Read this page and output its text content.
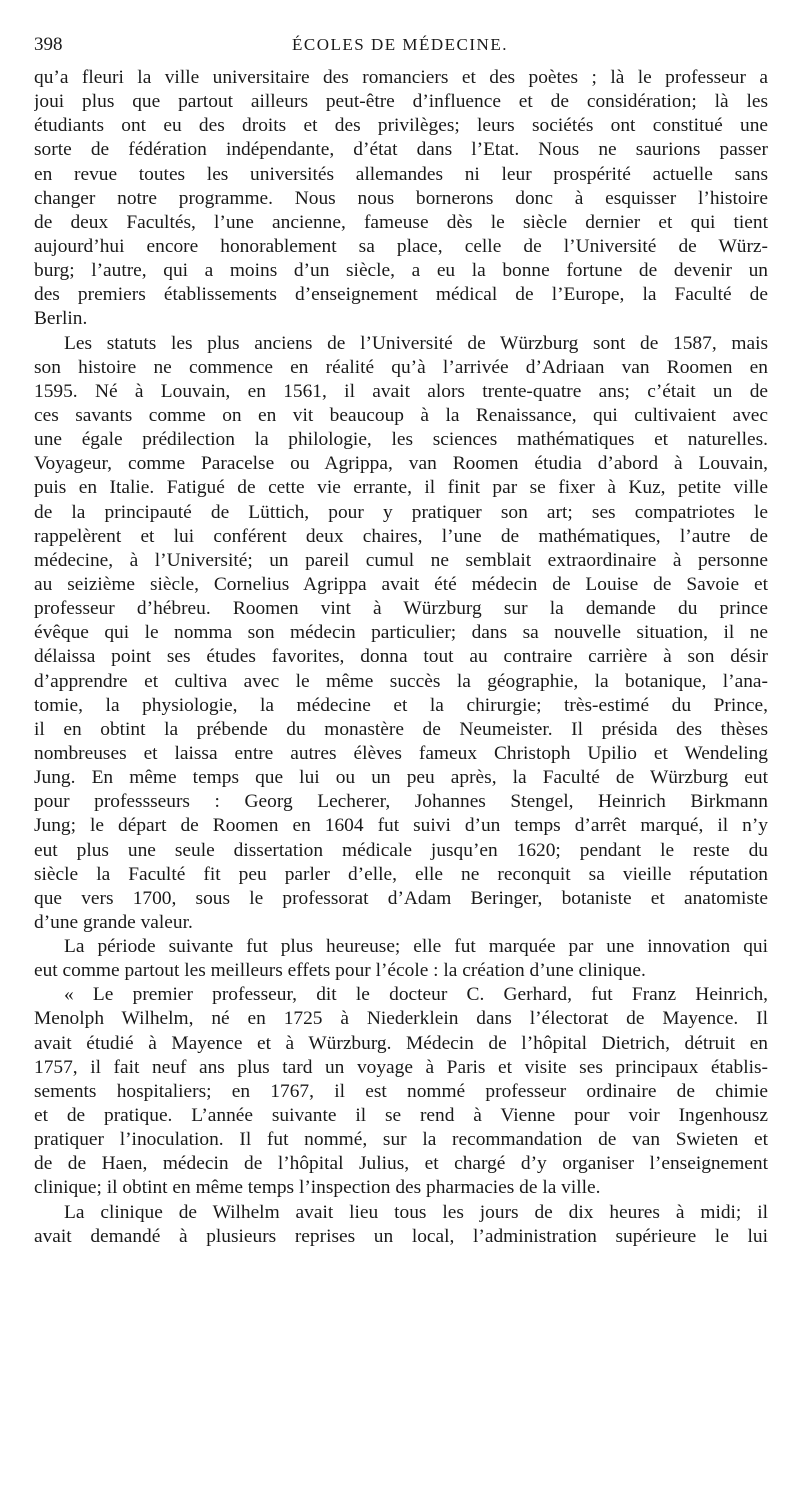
398	ÉCOLES DE MÉDECINE.
qu’a fleuri la ville universitaire des romanciers et des poètes ; là le professeur a
joui plus que partout ailleurs peut-être d’influence et de considération; là les
étudiants ont eu des droits et des privilèges; leurs sociétés ont constitué une
sorte de fédération indépendante, d’état dans l’Etat. Nous ne saurions passer
en revue toutes les universités allemandes ni leur prospérité actuelle sans
changer notre programme. Nous nous bornerons donc à esquisser l’histoire
de deux Facultés, l’une ancienne, fameuse dès le siècle dernier et qui tient
aujourd’hui encore honorablement sa place, celle de l’Université de Würz-
burg; l’autre, qui a moins d’un siècle, a eu la bonne fortune de devenir un
des premiers établissements d’enseignement médical de l’Europe, la Faculté de
Berlin.
Les statuts les plus anciens de l’Université de Würzburg sont de 1587, mais
son histoire ne commence en réalité qu’à l’arrivée d’Adriaan van Roomen en
1595. Né à Louvain, en 1561, il avait alors trente-quatre ans; c’était un de
ces savants comme on en vit beaucoup à la Renaissance, qui cultivaient avec
une égale prédilection la philologie, les sciences mathématiques et naturelles.
Voyageur, comme Paracelse ou Agrippa, van Roomen étudia d’abord à Louvain,
puis en Italie. Fatigué de cette vie errante, il finit par se fixer à Kuz, petite ville
de la principauté de Lüttich, pour y pratiquer son art; ses compatriotes le
rappelèrent et lui conférent deux chaires, l’une de mathématiques, l’autre de
médecine, à l’Université; un pareil cumul ne semblait extraordinaire à personne
au seizième siècle, Cornelius Agrippa avait été médecin de Louise de Savoie et
professeur d’hébreu. Roomen vint à Würzburg sur la demande du prince
évêque qui le nomma son médecin particulier; dans sa nouvelle situation, il ne
délaissa point ses études favorites, donna tout au contraire carrière à son désir
d’apprendre et cultiva avec le même succès la géographie, la botanique, l’ana-
tomie, la physiologie, la médecine et la chirurgie; très-estimé du Prince,
il en obtint la prébende du monastère de Neumeister. Il présida des thèses
nombreuses et laissa entre autres élèves fameux Christoph Upilio et Wendeling
Jung. En même temps que lui ou un peu après, la Faculté de Würzburg eut
pour professseurs : Georg Lecherer, Johannes Stengel, Heinrich Birkmann
Jung; le départ de Roomen en 1604 fut suivi d’un temps d’arrêt marqué, il n’y
eut plus une seule dissertation médicale jusqu’en 1620; pendant le reste du
siècle la Faculté fit peu parler d’elle, elle ne reconquit sa vieille réputation
que vers 1700, sous le professorat d’Adam Beringer, botaniste et anatomiste
d’une grande valeur.
La période suivante fut plus heureuse; elle fut marquée par une innovation qui
eut comme partout les meilleurs effets pour l’école : la création d’une clinique.
« Le premier professeur, dit le docteur C. Gerhard, fut Franz Heinrich,
Menolph Wilhelm, né en 1725 à Niederklein dans l’électorat de Mayence. Il
avait étudié à Mayence et à Würzburg. Médecin de l’hôpital Dietrich, détruit en
1757, il fait neuf ans plus tard un voyage à Paris et visite ses principaux établis-
sements hospitaliers; en 1767, il est nommé professeur ordinaire de chimie
et de pratique. L’année suivante il se rend à Vienne pour voir Ingenhousz
pratiquer l’inoculation. Il fut nommé, sur la recommandation de van Swieten et
de de Haen, médecin de l’hôpital Julius, et chargé d’y organiser l’enseignement
clinique; il obtint en même temps l’inspection des pharmacies de la ville.
La clinique de Wilhelm avait lieu tous les jours de dix heures à midi; il
avait demandé à plusieurs reprises un local, l’administration supérieure le lui
